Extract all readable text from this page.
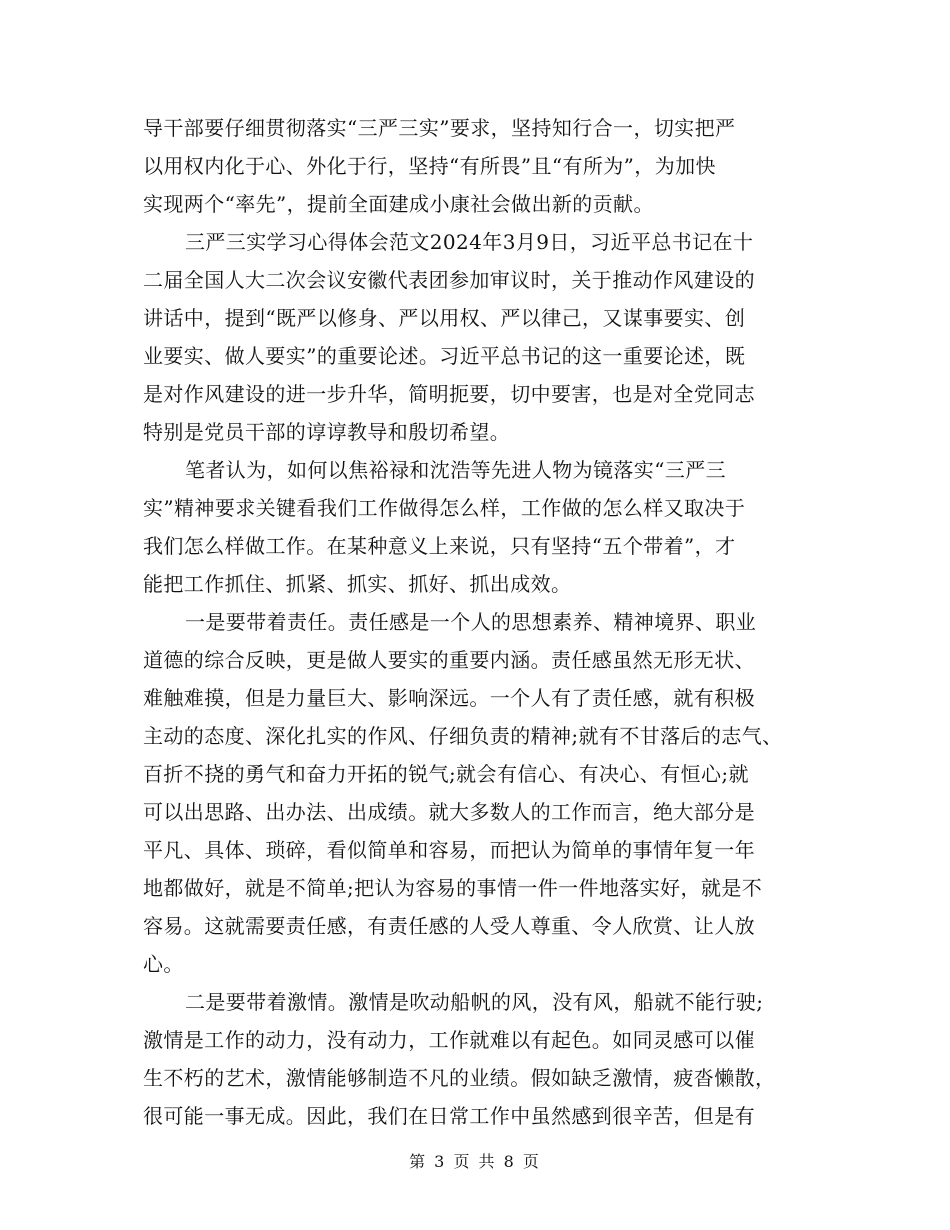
导干部要仔细贯彻落实“三严三实”要求，坚持知行合一，切实把严
以用权内化于心、外化于行，坚持“有所畏”且“有所为”，为加快
实现两个“率先”，提前全面建成小康社会做出新的贡献。
三严三实学习心得体会范文2024年3月9日，习近平总书记在十
二届全国人大二次会议安徽代表团参加审议时，关于推动作风建设的
讲话中，提到“既严以修身、严以用权、严以律己，又谋事要实、创
业要实、做人要实”的重要论述。习近平总书记的这一重要论述，既
是对作风建设的进一步升华，简明扼要，切中要害，也是对全党同志
特别是党员干部的谆谆教导和殷切希望。
笔者认为，如何以焦裕禄和沈浩等先进人物为镜落实“三严三
实”精神要求关键看我们工作做得怎么样，工作做的怎么样又取决于
我们怎么样做工作。在某种意义上来说，只有坚持“五个带着”，才
能把工作抓住、抓紧、抓实、抓好、抓出成效。
一是要带着责任。责任感是一个人的思想素养、精神境界、职业
道德的综合反映，更是做人要实的重要内涵。责任感虽然无形无状、
难触难摸，但是力量巨大、影响深远。一个人有了责任感，就有积极
主动的态度、深化扎实的作风、仔细负责的精神;就有不甘落后的志气、
百折不挠的勇气和奋力开拓的锐气;就会有信心、有决心、有恒心;就
可以出思路、出办法、出成绩。就大多数人的工作而言，绝大部分是
平凡、具体、琐碎，看似简单和容易，而把认为简单的事情年复一年
地都做好，就是不简单;把认为容易的事情一件一件地落实好，就是不
容易。这就需要责任感，有责任感的人受人尊重、令人欣赏、让人放
心。
二是要带着激情。激情是吹动船帆的风，没有风，船就不能行驶;
激情是工作的动力，没有动力，工作就难以有起色。如同灵感可以催
生不朽的艺术，激情能够制造不凡的业绩。假如缺乏激情，疲沓懒散，
很可能一事无成。因此，我们在日常工作中虽然感到很辛苦，但是有
第 3 页 共 8 页
